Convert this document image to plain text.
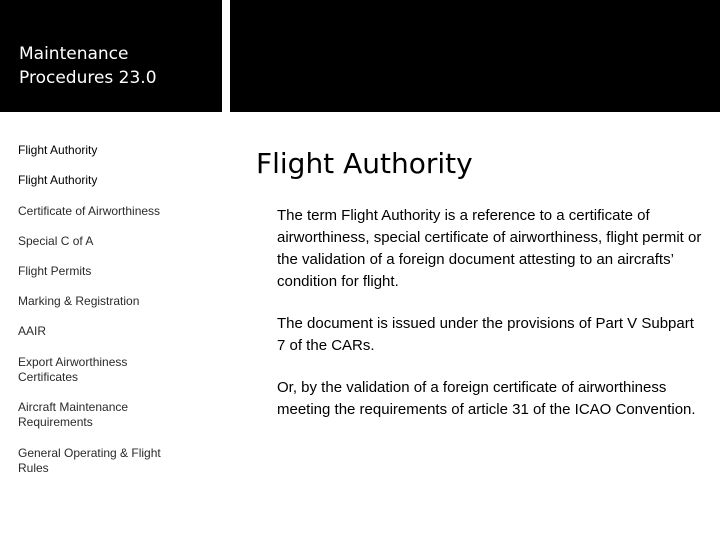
Maintenance Procedures 23.0
Flight Authority
Flight Authority
Certificate of Airworthiness
Special C of A
Flight Permits
Marking & Registration
AAIR
Export Airworthiness Certificates
Aircraft Maintenance Requirements
General Operating & Flight Rules
Flight Authority
The term Flight Authority is a reference to a certificate of airworthiness, special certificate of airworthiness, flight permit or the validation of a foreign document attesting to an aircrafts’ condition for flight.
The document is issued under the provisions of Part V Subpart 7 of the CARs.
Or, by the validation of a foreign certificate of airworthiness meeting the requirements of article 31 of the ICAO Convention.
